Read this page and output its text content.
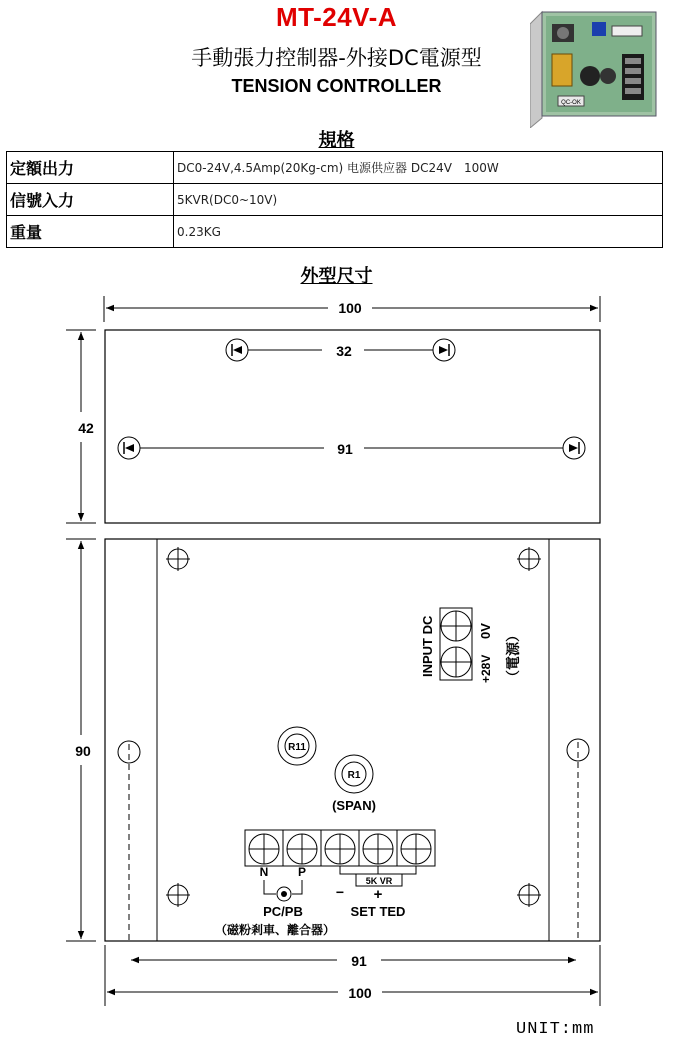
MT-24V-A
手動張力控制器-外接DC電源型
TENSION CONTROLLER
QC-OK
規格
定額出力	DC0-24V,4.5Amp(20Kg-cm) 电源供应器 DC24V　100W
信號入力	5KVR(DC0~10V)
重量	0.23KG
外型尺寸
100
32
91
42
INPUT DC	0V
+28V （電源）
R11
R1
(SPAN)
N P
PC/PB
（磁粉剎車、離合器）
5K VR
− +
SET TED
90
91
100
UNIT:mm
